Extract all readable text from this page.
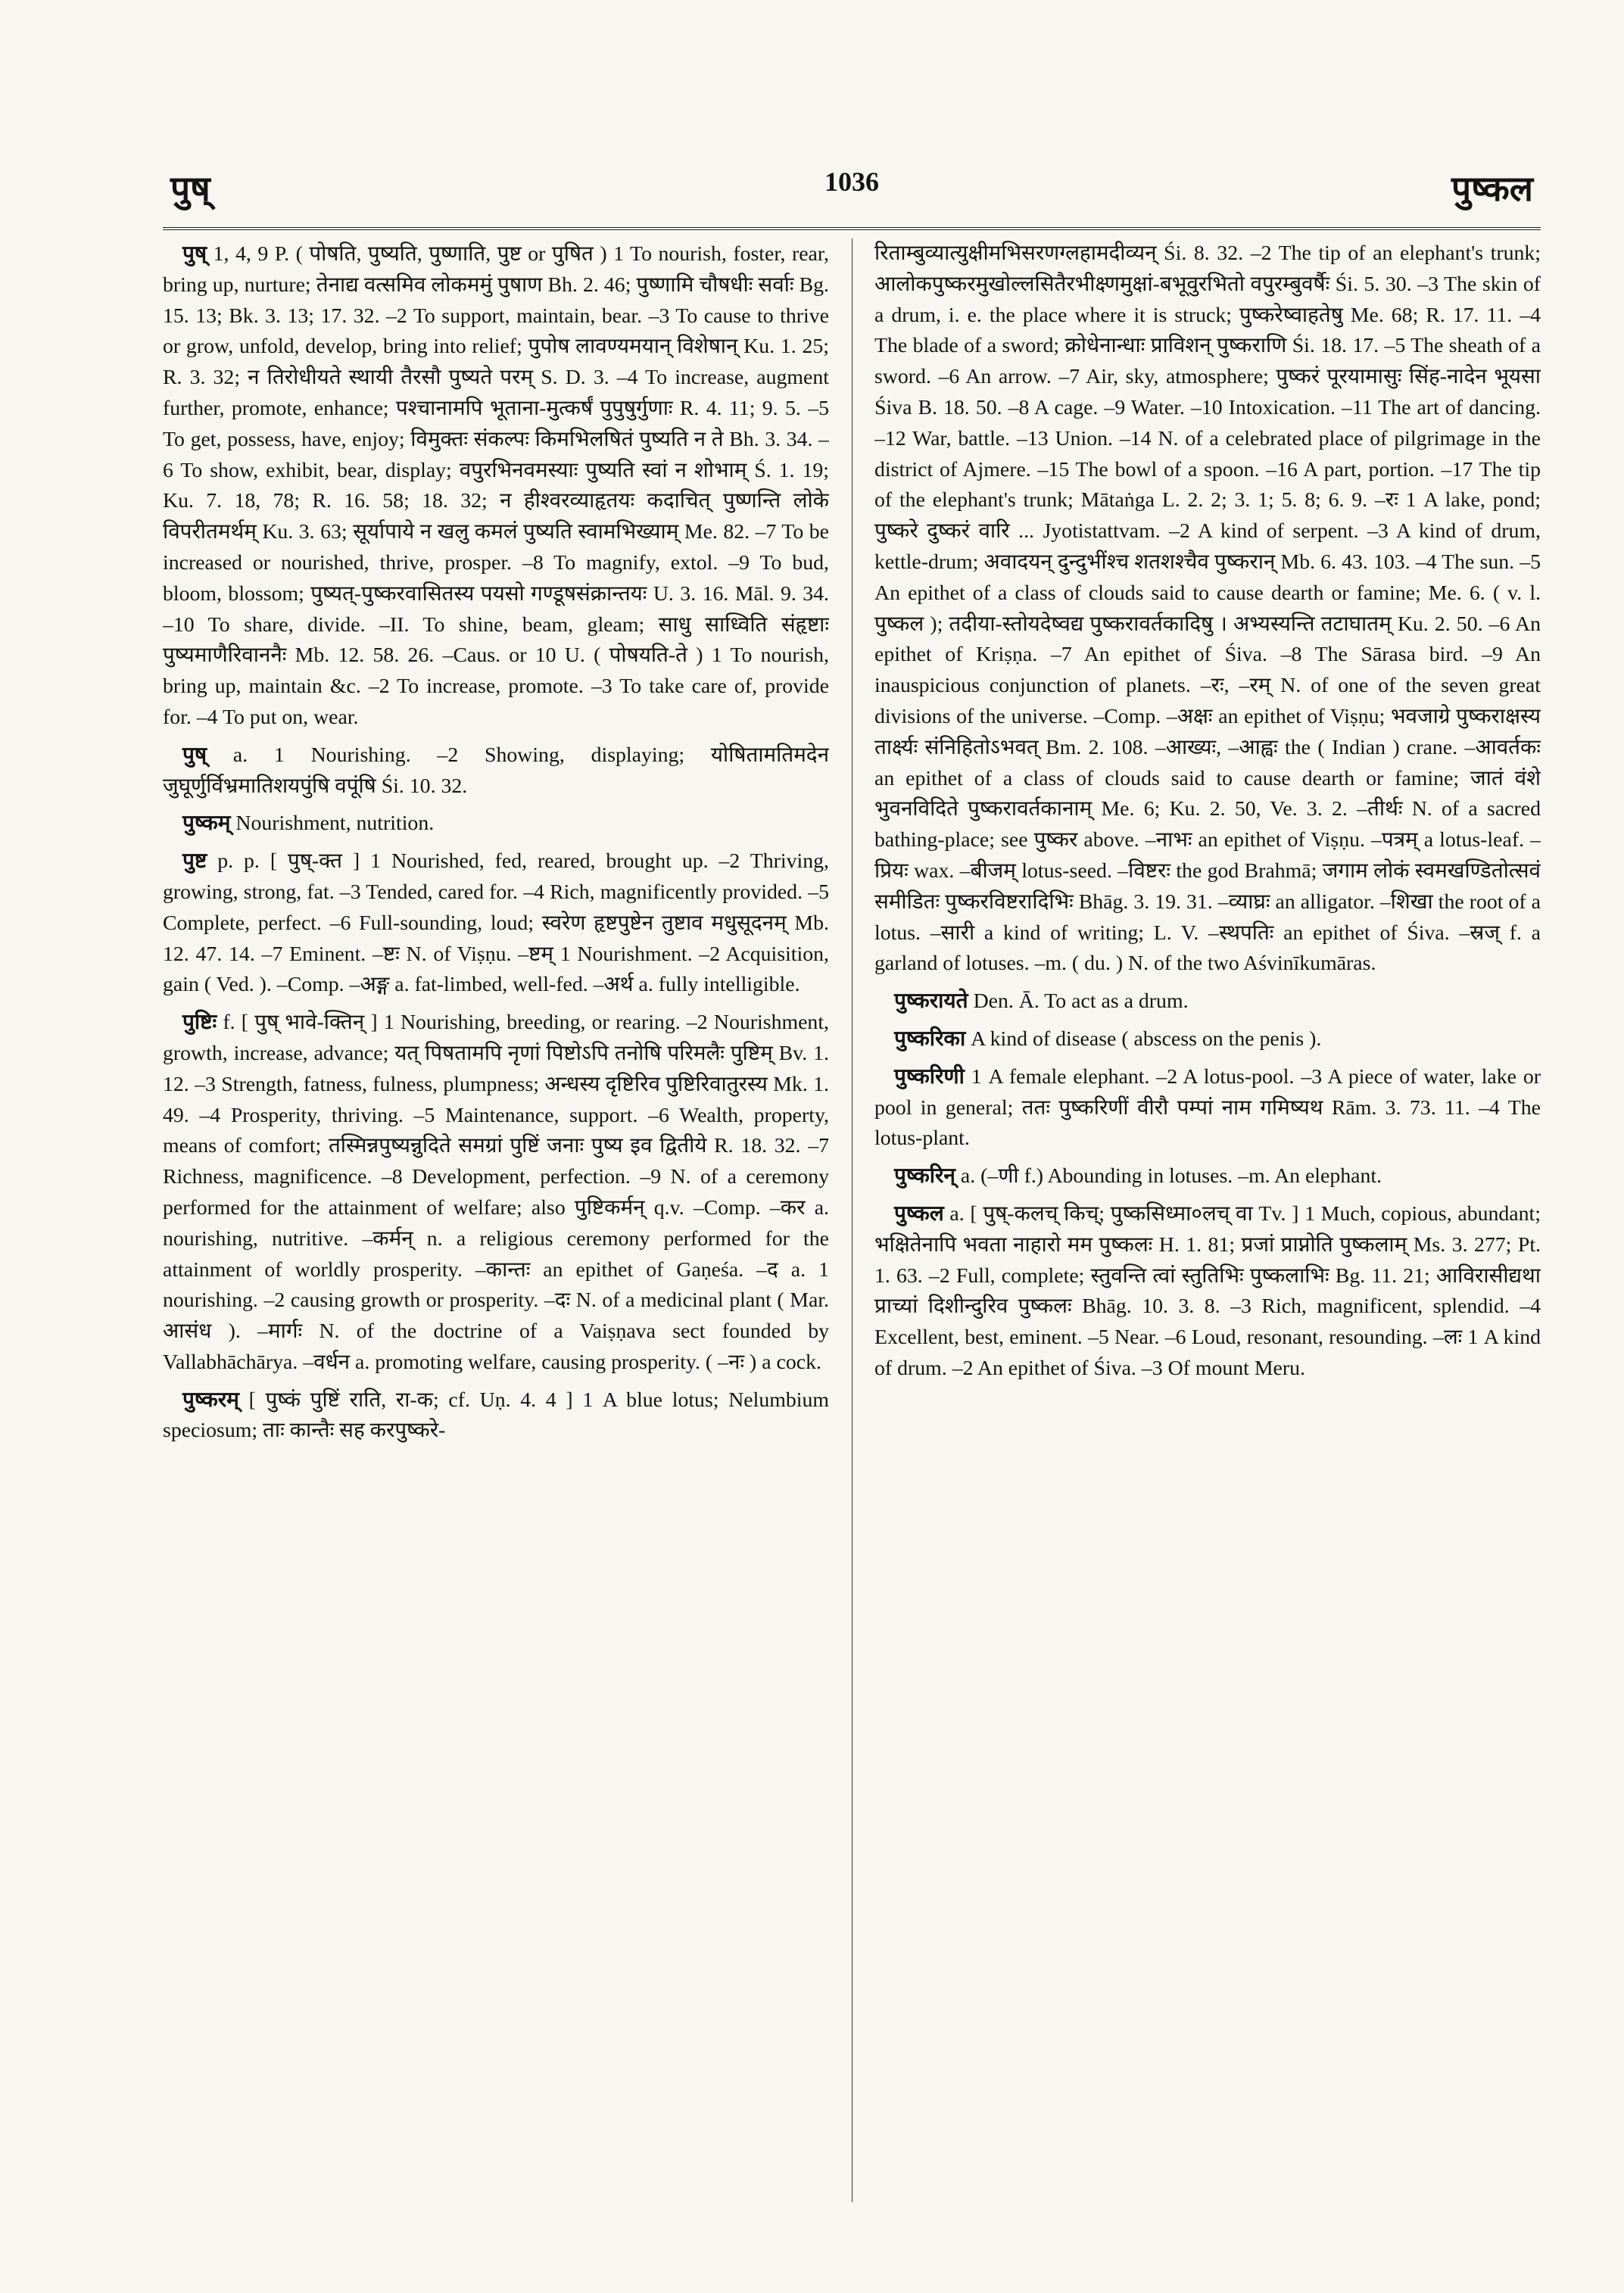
पुष्	1036	पुष्कल

पुष् 1, 4, 9 P. ( पोषति, पुष्यति, पुष्णाति, पुष्ट or पुषित ) 1 To nourish, foster, rear, bring up, nurture; तेनाद्य वत्समिव लोकममुं पुषाण Bh. 2. 46; पुष्णामि चौषधीः सर्वाः Bg. 15. 13; Bk. 3. 13; 17. 32. –2 To support, maintain, bear. –3 To cause to thrive or grow, unfold, develop, bring into relief; पुपोष लावण्यमयान् विशेषान् Ku. 1. 25; R. 3. 32; न तिरोधीयते स्थायी तैरसौ पुष्यते परम् S. D. 3. –4 To increase, augment further, promote, enhance; पश्चानामपि भूताना-मुत्कर्षं पुपुषुर्गुणाः R. 4. 11; 9. 5. –5 To get, possess, have, enjoy; विमुक्तः संकल्पः किमभिलषितं पुष्यति न ते Bh. 3. 34. –6 To show, exhibit, bear, display; वपुरभिनवमस्याः पुष्यति स्वां न शोभाम् Ś. 1. 19; Ku. 7. 18, 78; R. 16. 58; 18. 32; न हीश्वरव्याहृतयः कदाचित् पुष्णन्ति लोके विपरीतमर्थम् Ku. 3. 63; सूर्यापाये न खलु कमलं पुष्यति स्वामभिख्याम् Me. 82. –7 To be increased or nourished, thrive, prosper. –8 To magnify, extol. –9 To bud, bloom, blossom; पुष्यत्-पुष्करवासितस्य पयसो गण्डूषसंक्रान्तयः U. 3. 16. Māl. 9. 34. –10 To share, divide. –II. To shine, beam, gleam; साधु साध्विति संहृष्टाः पुष्यमाणैरिवाननैः Mb. 12. 58. 26. –Caus. or 10 U. ( पोषयति-ते ) 1 To nourish, bring up, maintain &c. –2 To increase, promote. –3 To take care of, provide for. –4 To put on, wear.

पुष् a. 1 Nourishing. –2 Showing, displaying; योषितामतिमदेन जुघूर्णुर्विभ्रमातिशयपुंषि वपूंषि Śi. 10. 32.

पुष्कम् Nourishment, nutrition.

पुष्ट p. p. [ पुष्-क्त ] 1 Nourished, fed, reared, brought up. –2 Thriving, growing, strong, fat. –3 Tended, cared for. –4 Rich, magnificently provided. –5 Complete, perfect. –6 Full-sounding, loud; स्वरेण हृष्टपुष्टेन तुष्टाव मधुसूदनम् Mb. 12. 47. 14. –7 Eminent. –ष्टः N. of Viṣṇu. –ष्टम् 1 Nourishment. –2 Acquisition, gain ( Ved. ). –Comp. –अङ्ग a. fat-limbed, well-fed. –अर्थ a. fully intelligible.

पुष्टिः f. [ पुष् भावे-क्तिन् ] 1 Nourishing, breeding, or rearing. –2 Nourishment, growth, increase, advance; यत् पिषतामपि नृणां पिष्टोऽपि तनोषि परिमलैः पुष्टिम् Bv. 1. 12. –3 Strength, fatness, fulness, plumpness; अन्धस्य दृष्टिरिव पुष्टिरिवातुरस्य Mk. 1. 49. –4 Prosperity, thriving. –5 Maintenance, support. –6 Wealth, property, means of comfort; तस्मिन्नपुष्यन्नुदिते समग्रां पुष्टिं जनाः पुष्य इव द्वितीये R. 18. 32. –7 Richness, magnificence. –8 Development, perfection. –9 N. of a ceremony performed for the attainment of welfare; also पुष्टिकर्मन् q.v. –Comp. –कर a. nourishing, nutritive. –कर्मन् n. a religious ceremony performed for the attainment of worldly prosperity. –कान्तः an epithet of Gaṇeśa. –द a. 1 nourishing. –2 causing growth or prosperity. –दः N. of a medicinal plant ( Mar. आसंध ). –मार्गः N. of the doctrine of a Vaiṣṇava sect founded by Vallabhāchārya. –वर्धन a. promoting welfare, causing prosperity. ( –नः ) a cock.

पुष्करम् [ पुष्कं पुष्टिं राति, रा-क; cf. Uṇ. 4. 4 ] 1 A blue lotus; Nelumbium speciosum; ताः कान्तैः सह करपुष्करे-

रिताम्बुव्यात्युक्षीमभिसरणग्लहामदीव्यन् Śi. 8. 32. –2 The tip of an elephant's trunk; आलोकपुष्करमुखोल्लसितैरभीक्ष्णमुक्षां-बभूवुरभितो वपुरम्बुवर्षैः Śi. 5. 30. –3 The skin of a drum, i. e. the place where it is struck; पुष्करेष्वाहतेषु Me. 68; R. 17. 11. –4 The blade of a sword; क्रोधेनान्धाः प्राविशन् पुष्कराणि Śi. 18. 17. –5 The sheath of a sword. –6 An arrow. –7 Air, sky, atmosphere; पुष्करं पूरयामासुः सिंह-नादेन भूयसा Śiva B. 18. 50. –8 A cage. –9 Water. –10 Intoxication. –11 The art of dancing. –12 War, battle. –13 Union. –14 N. of a celebrated place of pilgrimage in the district of Ajmere. –15 The bowl of a spoon. –16 A part, portion. –17 The tip of the elephant's trunk; Mātaṅga L. 2. 2; 3. 1; 5. 8; 6. 9. –रः 1 A lake, pond; पुष्करे दुष्करं वारि ... Jyotistattvam. –2 A kind of serpent. –3 A kind of drum, kettle-drum; अवादयन् दुन्दुभींश्च शतशश्चैव पुष्करान् Mb. 6. 43. 103. –4 The sun. –5 An epithet of a class of clouds said to cause dearth or famine; Me. 6. ( v. l. पुष्कल ); तदीया-स्तोयदेष्वद्य पुष्करावर्तकादिषु । अभ्यस्यन्ति तटाघातम् Ku. 2. 50. –6 An epithet of Kriṣṇa. –7 An epithet of Śiva. –8 The Sārasa bird. –9 An inauspicious conjunction of planets. –रः, –रम् N. of one of the seven great divisions of the universe. –Comp. –अक्षः an epithet of Viṣṇu; भवजाग्रे पुष्कराक्षस्य तार्क्ष्यः संनिहितोऽभवत् Bm. 2. 108. –आख्यः, –आह्वः the ( Indian ) crane. –आवर्तकः an epithet of a class of clouds said to cause dearth or famine; जातं वंशे भुवनविदिते पुष्करावर्तकानाम् Me. 6; Ku. 2. 50, Ve. 3. 2. –तीर्थः N. of a sacred bathing-place; see पुष्कर above. –नाभः an epithet of Viṣṇu. –पत्रम् a lotus-leaf. –प्रियः wax. –बीजम् lotus-seed. –विष्टरः the god Brahmā; जगाम लोकं स्वमखण्डितोत्सवं समीडितः पुष्करविष्टरादिभिः Bhāg. 3. 19. 31. –व्याघ्रः an alligator. –शिखा the root of a lotus. –सारी a kind of writing; L. V. –स्थपतिः an epithet of Śiva. –स्रज् f. a garland of lotuses. –m. ( du. ) N. of the two Aśvinīkumāras.

पुष्करायते Den. Ā. To act as a drum.

पुष्करिका A kind of disease ( abscess on the penis ).

पुष्करिणी 1 A female elephant. –2 A lotus-pool. –3 A piece of water, lake or pool in general; ततः पुष्करिणीं वीरौ पम्पां नाम गमिष्यथ Rām. 3. 73. 11. –4 The lotus-plant.

पुष्करिन् a. (–णी f.) Abounding in lotuses. –m. An elephant.

पुष्कल a. [ पुष्-कलच् किच्; पुष्कसिध्मा०लच् वा Tv. ] 1 Much, copious, abundant; भक्षितेनापि भवता नाहारो मम पुष्कलः H. 1. 81; प्रजां प्राप्नोति पुष्कलाम् Ms. 3. 277; Pt. 1. 63. –2 Full, complete; स्तुवन्ति त्वां स्तुतिभिः पुष्कलाभिः Bg. 11. 21; आविरासीद्यथा प्राच्यां दिशीन्दुरिव पुष्कलः Bhāg. 10. 3. 8. –3 Rich, magnificent, splendid. –4 Excellent, best, eminent. –5 Near. –6 Loud, resonant, resounding. –लः 1 A kind of drum. –2 An epithet of Śiva. –3 Of mount Meru.
